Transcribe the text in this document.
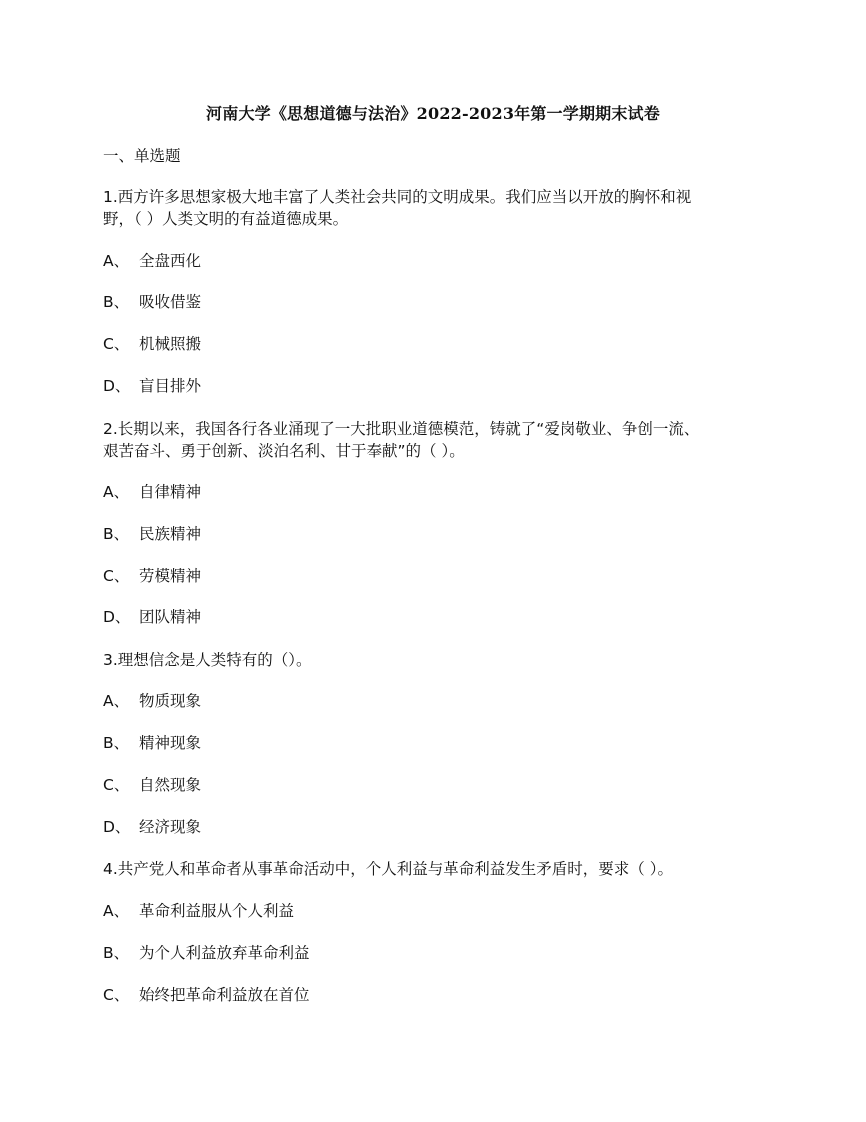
河南大学《思想道德与法治》2022-2023年第一学期期末试卷
一、单选题
1.西方许多思想家极大地丰富了人类社会共同的文明成果。我们应当以开放的胸怀和视
野，（ ）人类文明的有益道德成果。
A、 全盘西化
B、 吸收借鉴
C、 机械照搬
D、 盲目排外
2.长期以来，我国各行各业涌现了一大批职业道德模范，铸就了“爱岗敬业、争创一流、
艰苦奋斗、勇于创新、淡泊名利、甘于奉献”的（ ）。
A、 自律精神
B、 民族精神
C、 劳模精神
D、 团队精神
3.理想信念是人类特有的（）。
A、 物质现象
B、 精神现象
C、 自然现象
D、 经济现象
4.共产党人和革命者从事革命活动中，个人利益与革命利益发生矛盾时，要求（ ）。
A、 革命利益服从个人利益
B、 为个人利益放弃革命利益
C、 始终把革命利益放在首位
